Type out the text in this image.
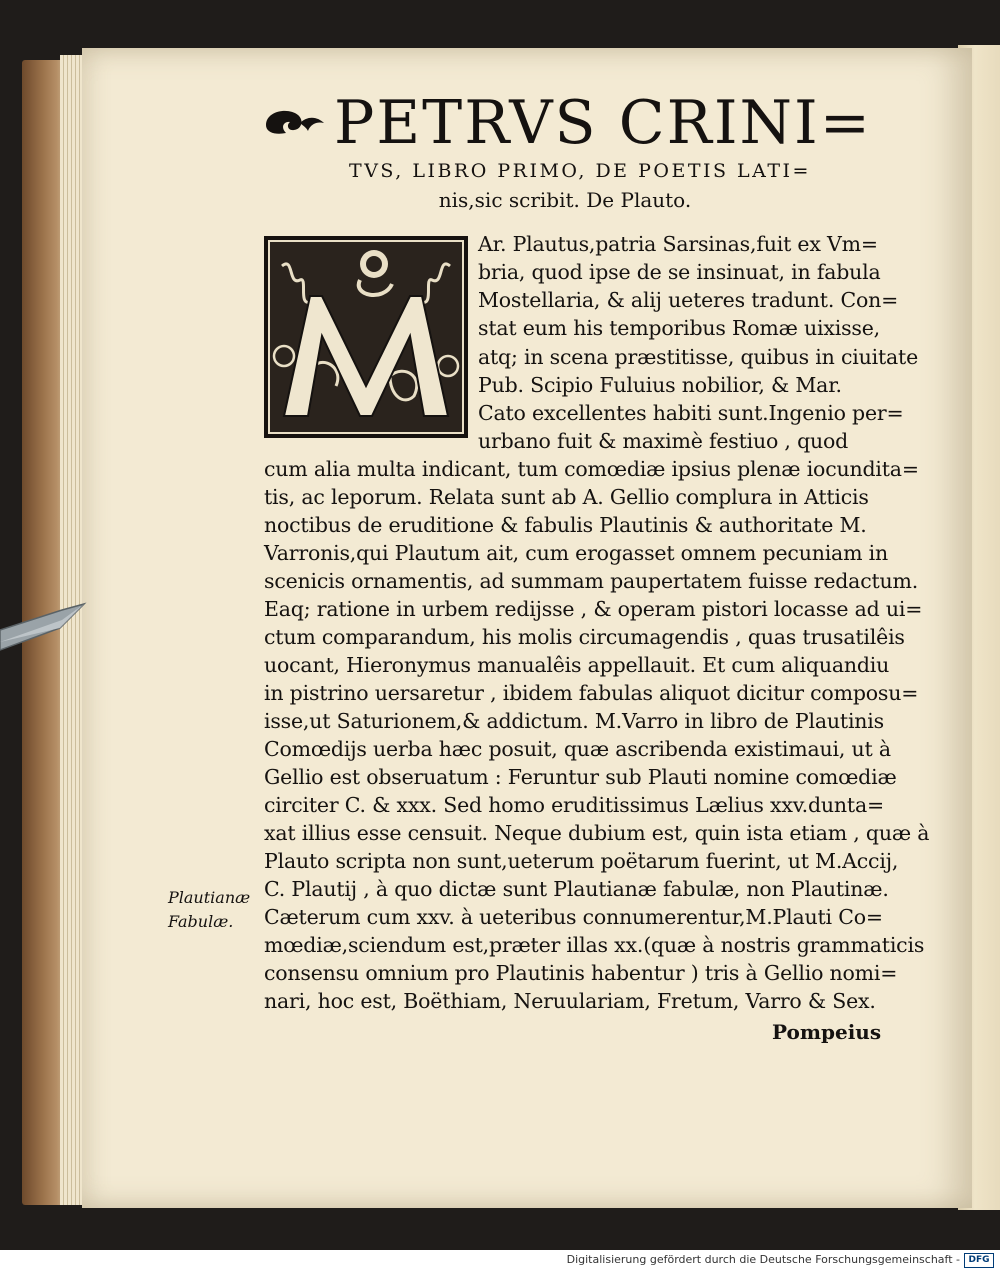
PETRVS CRINI=
TVS, LIBRO PRIMO, DE POETIS LATI=
nis,sic scribit. De Plauto.
Ar. Plautus,patria Sarsinas,fuit ex Vm=
bria, quod ipse de se insinuat, in fabula
Mostellaria, & alij ueteres tradunt. Con=
stat eum his temporibus Romæ uixisse,
atq; in scena præstitisse, quibus in ciuitate
Pub. Scipio Fuluius nobilior, & Mar.
Cato excellentes habiti sunt.Ingenio per=
urbano fuit & maximè festiuo , quod
cum alia multa indicant, tum comœdiæ ipsius plenæ iocundita=
tis, ac leporum. Relata sunt ab A. Gellio complura in Atticis
noctibus de eruditione & fabulis Plautinis & authoritate M.
Varronis,qui Plautum ait, cum erogasset omnem pecuniam in
scenicis ornamentis, ad summam paupertatem fuisse redactum.
Eaq; ratione in urbem redijsse , & operam pistori locasse ad ui=
ctum comparandum, his molis circumagendis , quas trusatilêis
uocant, Hieronymus manualêis appellauit. Et cum aliquandiu
in pistrino uersaretur , ibidem fabulas aliquot dicitur composu=
isse,ut Saturionem,& addictum. M.Varro in libro de Plautinis
Comœdijs uerba hæc posuit, quæ ascribenda existimaui, ut à
Gellio est obseruatum : Feruntur sub Plauti nomine comœdiæ
circiter C. & xxx. Sed homo eruditissimus Lælius xxv.dunta=
xat illius esse censuit. Neque dubium est, quin ista etiam , quæ à
Plauto scripta non sunt,ueterum poëtarum fuerint, ut M.Accij,
C. Plautij , à quo dictæ sunt Plautianæ fabulæ, non Plautinæ.
Cæterum cum xxv. à ueteribus connumerentur,M.Plauti Co=
mœdiæ,sciendum est,præter illas xx.(quæ à nostris grammaticis
consensu omnium pro Plautinis habentur ) tris à Gellio nomi=
nari, hoc est, Boëthiam, Neruulariam, Fretum, Varro & Sex.
Plautianæ
Fabulæ.
Pompeius
Digitalisierung gefördert durch die Deutsche Forschungsgemeinschaft - DFG
